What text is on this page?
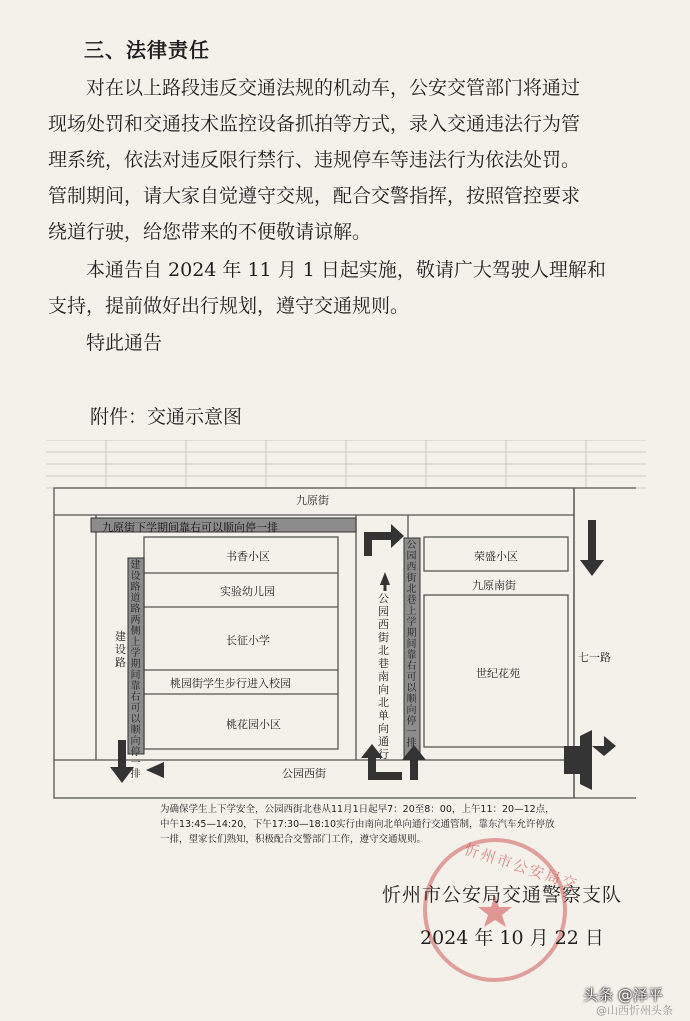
三、法律责任
对在以上路段违反交通法规的机动车，公安交管部门将通过
现场处罚和交通技术监控设备抓拍等方式，录入交通违法行为管
理系统，依法对违反限行禁行、违规停车等违法行为依法处罚。
管制期间，请大家自觉遵守交规，配合交警指挥，按照管控要求
绕道行驶，给您带来的不便敬请谅解。
本通告自 2024 年 11 月 1 日起实施，敬请广大驾驶人理解和
支持，提前做好出行规划，遵守交通规则。
特此通告
附件：交通示意图
九原街
九原街下学期间靠右可以顺向停一排
公园西街
建设路	七一路
建设路道路两侧上学期间靠右可以顺向停一排
公园西街北巷上学期间靠右可以顺向停一排
公园西街北巷南向北单向通行
书香小区
实验幼儿园
长征小学
桃园街学生步行进入校园
桃花园小区
荣盛小区
九原南街
世纪花苑
为确保学生上下学安全，公园西街北巷从11月1日起早7：20至8：00，上午11：20—12点，
中午13:45—14:20，下午17:30—18:10实行由南向北单向通行交通管制，靠东汽车允许停放
一排，望家长们熟知，积极配合交警部门工作，遵守交通规则。
忻州市公安局交
忻州市公安局交通警察支队
2024 年 10 月 22 日
头条 @泽平
@山西忻州头条
